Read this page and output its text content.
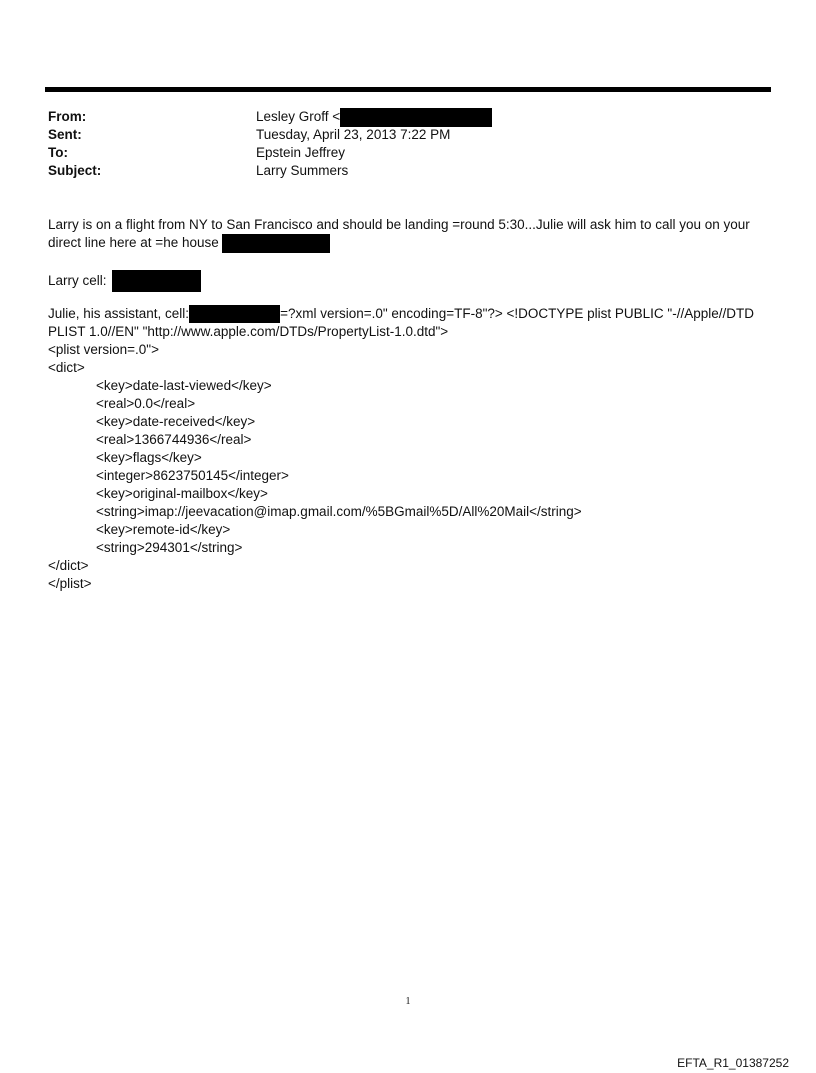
From:	Lesley Groff <
Sent:	Tuesday, April 23, 2013 7:22 PM
To:	Epstein Jeffrey
Subject:	Larry Summers
Larry is on a flight from NY to San Francisco and should be landing =round 5:30...Julie will ask him to call you on your
direct line here at =he house
Larry cell:
Julie, his assistant, cell:	=?xml version=.0" encoding=TF-8"?> <!DOCTYPE plist PUBLIC "-//Apple//DTD
PLIST 1.0//EN" "http://www.apple.com/DTDs/PropertyList-1.0.dtd">
<plist version=.0">
<dict>
<key>date-last-viewed</key>
<real>0.0</real>
<key>date-received</key>
<real>1366744936</real>
<key>flags</key>
<integer>8623750145</integer>
<key>original-mailbox</key>
<string>imap://jeevacation@imap.gmail.com/%5BGmail%5D/All%20Mail</string>
<key>remote-id</key>
<string>294301</string>
</dict>
</plist>
1
EFTA_R1_01387252
